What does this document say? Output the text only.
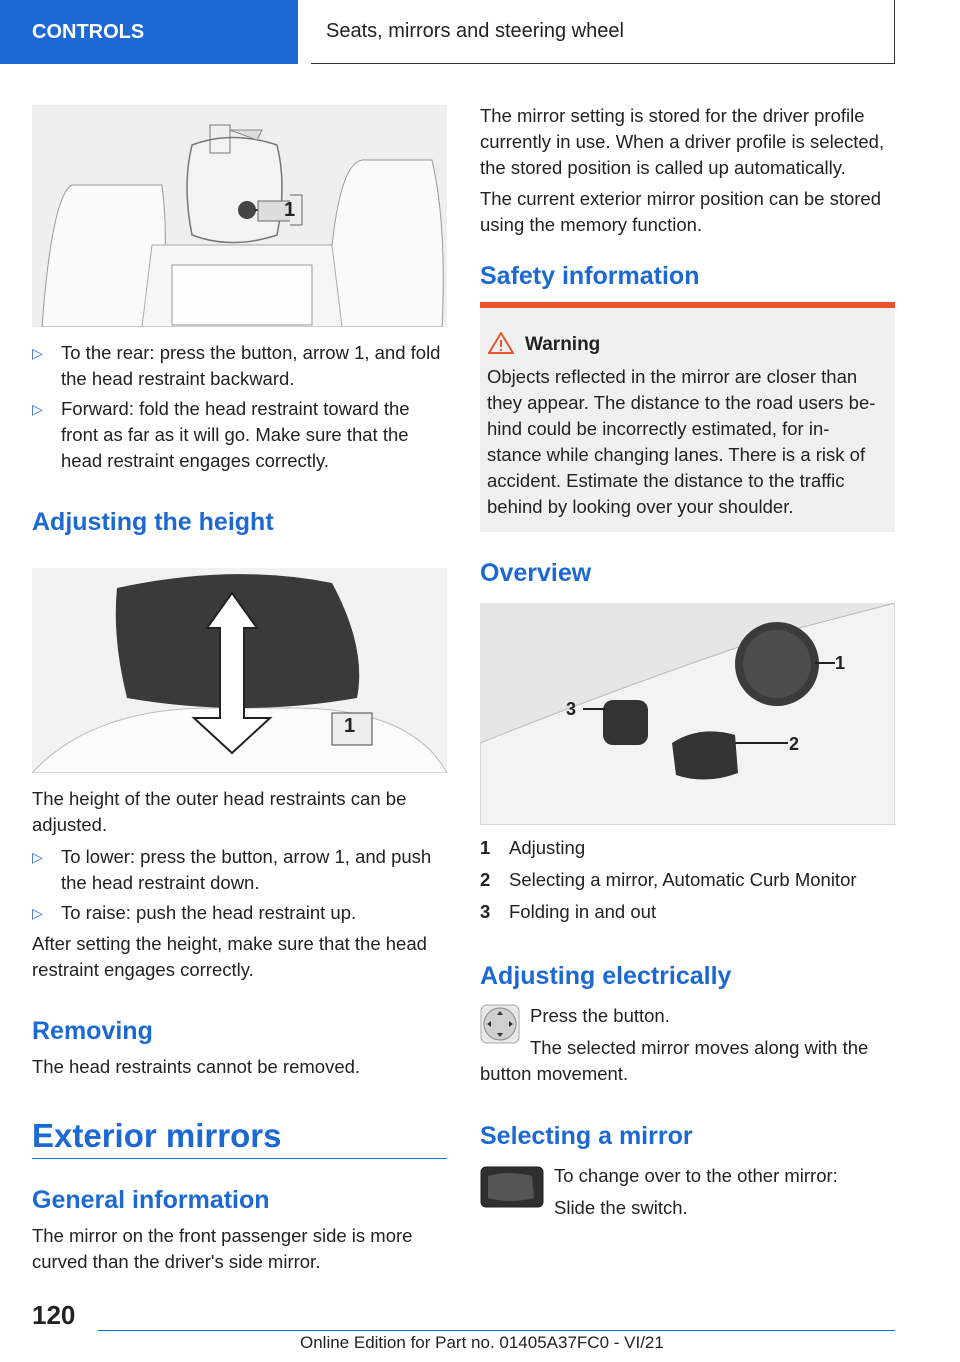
CONTROLS	Seats, mirrors and steering wheel
1
▷ To the rear: press the button, arrow 1, and fold the head restraint backward.
▷ Forward: fold the head restraint toward the front as far as it will go. Make sure that the head restraint engages correctly.
Adjusting the height
1
The height of the outer head restraints can be adjusted.
▷ To lower: press the button, arrow 1, and push the head restraint down.
▷ To raise: push the head restraint up.
After setting the height, make sure that the head restraint engages correctly.
Removing
The head restraints cannot be removed.
Exterior mirrors
General information
The mirror on the front passenger side is more curved than the driver's side mirror.
The mirror setting is stored for the driver profile currently in use. When a driver profile is selected, the stored position is called up automatically.
The current exterior mirror position can be stored using the memory function.
Safety information
Warning
Objects reflected in the mirror are closer than they appear. The distance to the road users be-hind could be incorrectly estimated, for in-stance while changing lanes. There is a risk of accident. Estimate the distance to the traffic behind by looking over your shoulder.
Overview
1
2
3
1 Adjusting
2 Selecting a mirror, Automatic Curb Monitor
3 Folding in and out
Adjusting electrically
Press the button.
The selected mirror moves along with the button movement.
Selecting a mirror
To change over to the other mirror:
Slide the switch.
120
Online Edition for Part no. 01405A37FC0 - VI/21
